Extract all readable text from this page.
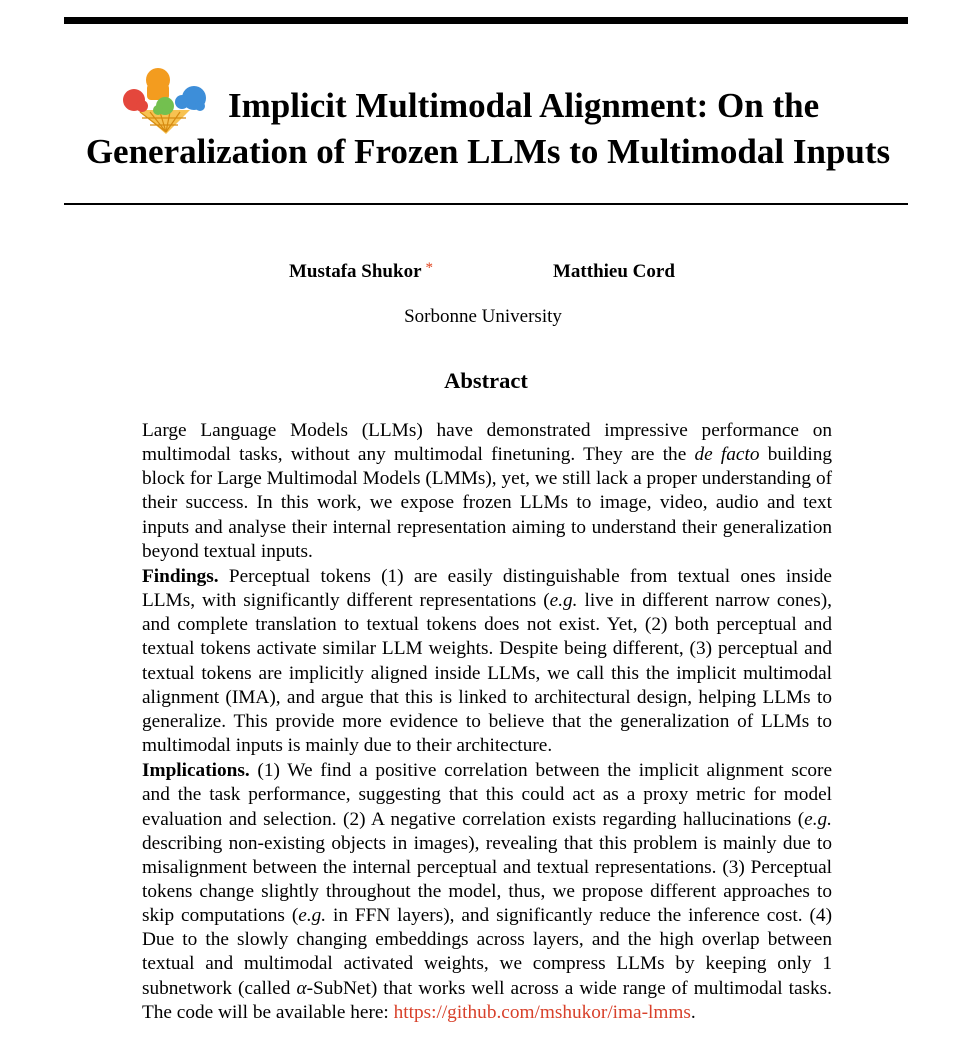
Implicit Multimodal Alignment: On the
Generalization of Frozen LLMs to Multimodal Inputs
Mustafa Shukor *	Matthieu Cord
Sorbonne University
Abstract

Large Language Models (LLMs) have demonstrated impressive performance on multimodal tasks, without any multimodal finetuning. They are the de facto building block for Large Multimodal Models (LMMs), yet, we still lack a proper understanding of their success. In this work, we expose frozen LLMs to image, video, audio and text inputs and analyse their internal representation aiming to understand their generalization beyond textual inputs.

Findings. Perceptual tokens (1) are easily distinguishable from textual ones inside LLMs, with significantly different representations (e.g. live in different narrow cones), and complete translation to textual tokens does not exist. Yet, (2) both perceptual and textual tokens activate similar LLM weights. Despite being different, (3) perceptual and textual tokens are implicitly aligned inside LLMs, we call this the implicit multimodal alignment (IMA), and argue that this is linked to architectural design, helping LLMs to generalize. This provide more evidence to believe that the generalization of LLMs to multimodal inputs is mainly due to their architecture.

Implications. (1) We find a positive correlation between the implicit alignment score and the task performance, suggesting that this could act as a proxy metric for model evaluation and selection. (2) A negative correlation exists regarding hallucinations (e.g. describing non-existing objects in images), revealing that this problem is mainly due to misalignment between the internal perceptual and textual representations. (3) Perceptual tokens change slightly throughout the model, thus, we propose different approaches to skip computations (e.g. in FFN layers), and significantly reduce the inference cost. (4) Due to the slowly changing embeddings across layers, and the high overlap between textual and multimodal activated weights, we compress LLMs by keeping only 1 subnetwork (called α-SubNet) that works well across a wide range of multimodal tasks. The code will be available here: https://github.com/mshukor/ima-lmms.
